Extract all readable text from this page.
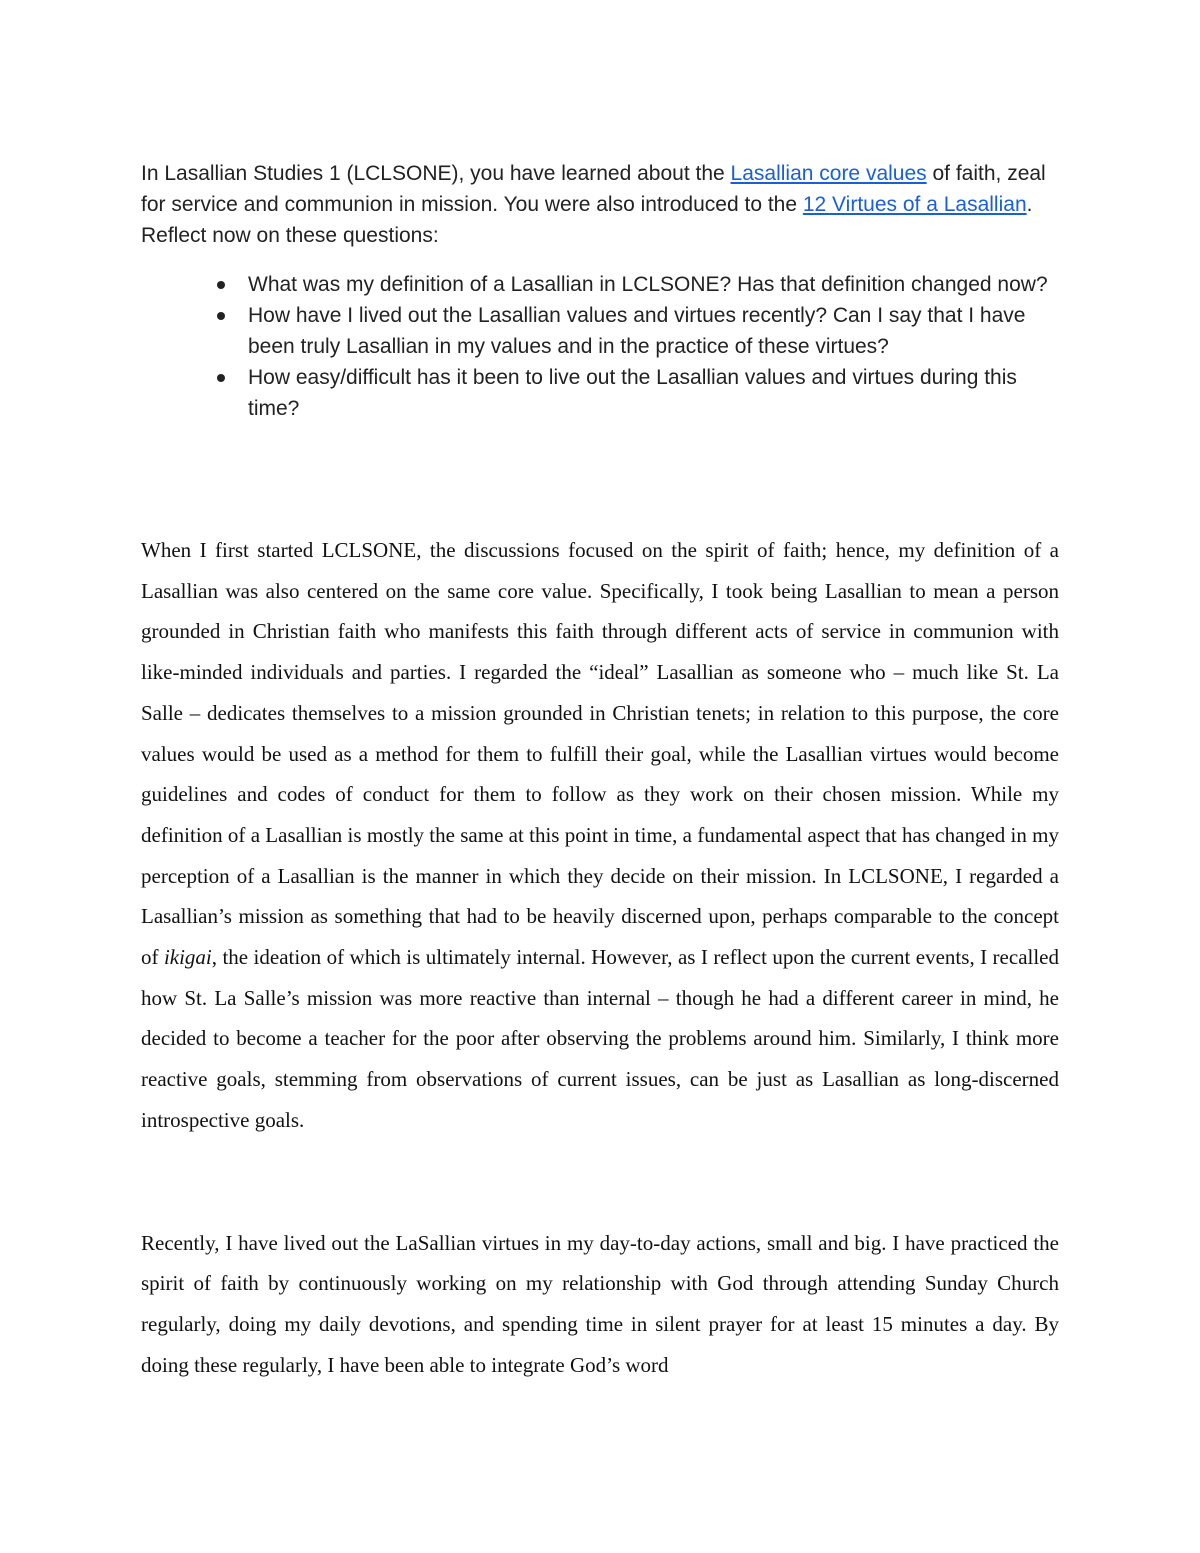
In Lasallian Studies 1 (LCLSONE), you have learned about the Lasallian core values of faith, zeal for service and communion in mission. You were also introduced to the 12 Virtues of a Lasallian. Reflect now on these questions:

What was my definition of a Lasallian in LCLSONE? Has that definition changed now?
How have I lived out the Lasallian values and virtues recently? Can I say that I have been truly Lasallian in my values and in the practice of these virtues?
How easy/difficult has it been to live out the Lasallian values and virtues during this time?

When I first started LCLSONE, the discussions focused on the spirit of faith; hence, my definition of a Lasallian was also centered on the same core value. Specifically, I took being Lasallian to mean a person grounded in Christian faith who manifests this faith through different acts of service in communion with like-minded individuals and parties. I regarded the “ideal” Lasallian as someone who – much like St. La Salle – dedicates themselves to a mission grounded in Christian tenets; in relation to this purpose, the core values would be used as a method for them to fulfill their goal, while the Lasallian virtues would become guidelines and codes of conduct for them to follow as they work on their chosen mission. While my definition of a Lasallian is mostly the same at this point in time, a fundamental aspect that has changed in my perception of a Lasallian is the manner in which they decide on their mission. In LCLSONE, I regarded a Lasallian’s mission as something that had to be heavily discerned upon, perhaps comparable to the concept of ikigai, the ideation of which is ultimately internal. However, as I reflect upon the current events, I recalled how St. La Salle’s mission was more reactive than internal – though he had a different career in mind, he decided to become a teacher for the poor after observing the problems around him. Similarly, I think more reactive goals, stemming from observations of current issues, can be just as Lasallian as long-discerned introspective goals.

Recently, I have lived out the LaSallian virtues in my day-to-day actions, small and big. I have practiced the spirit of faith by continuously working on my relationship with God through attending Sunday Church regularly, doing my daily devotions, and spending time in silent prayer for at least 15 minutes a day. By doing these regularly, I have been able to integrate God’s word
